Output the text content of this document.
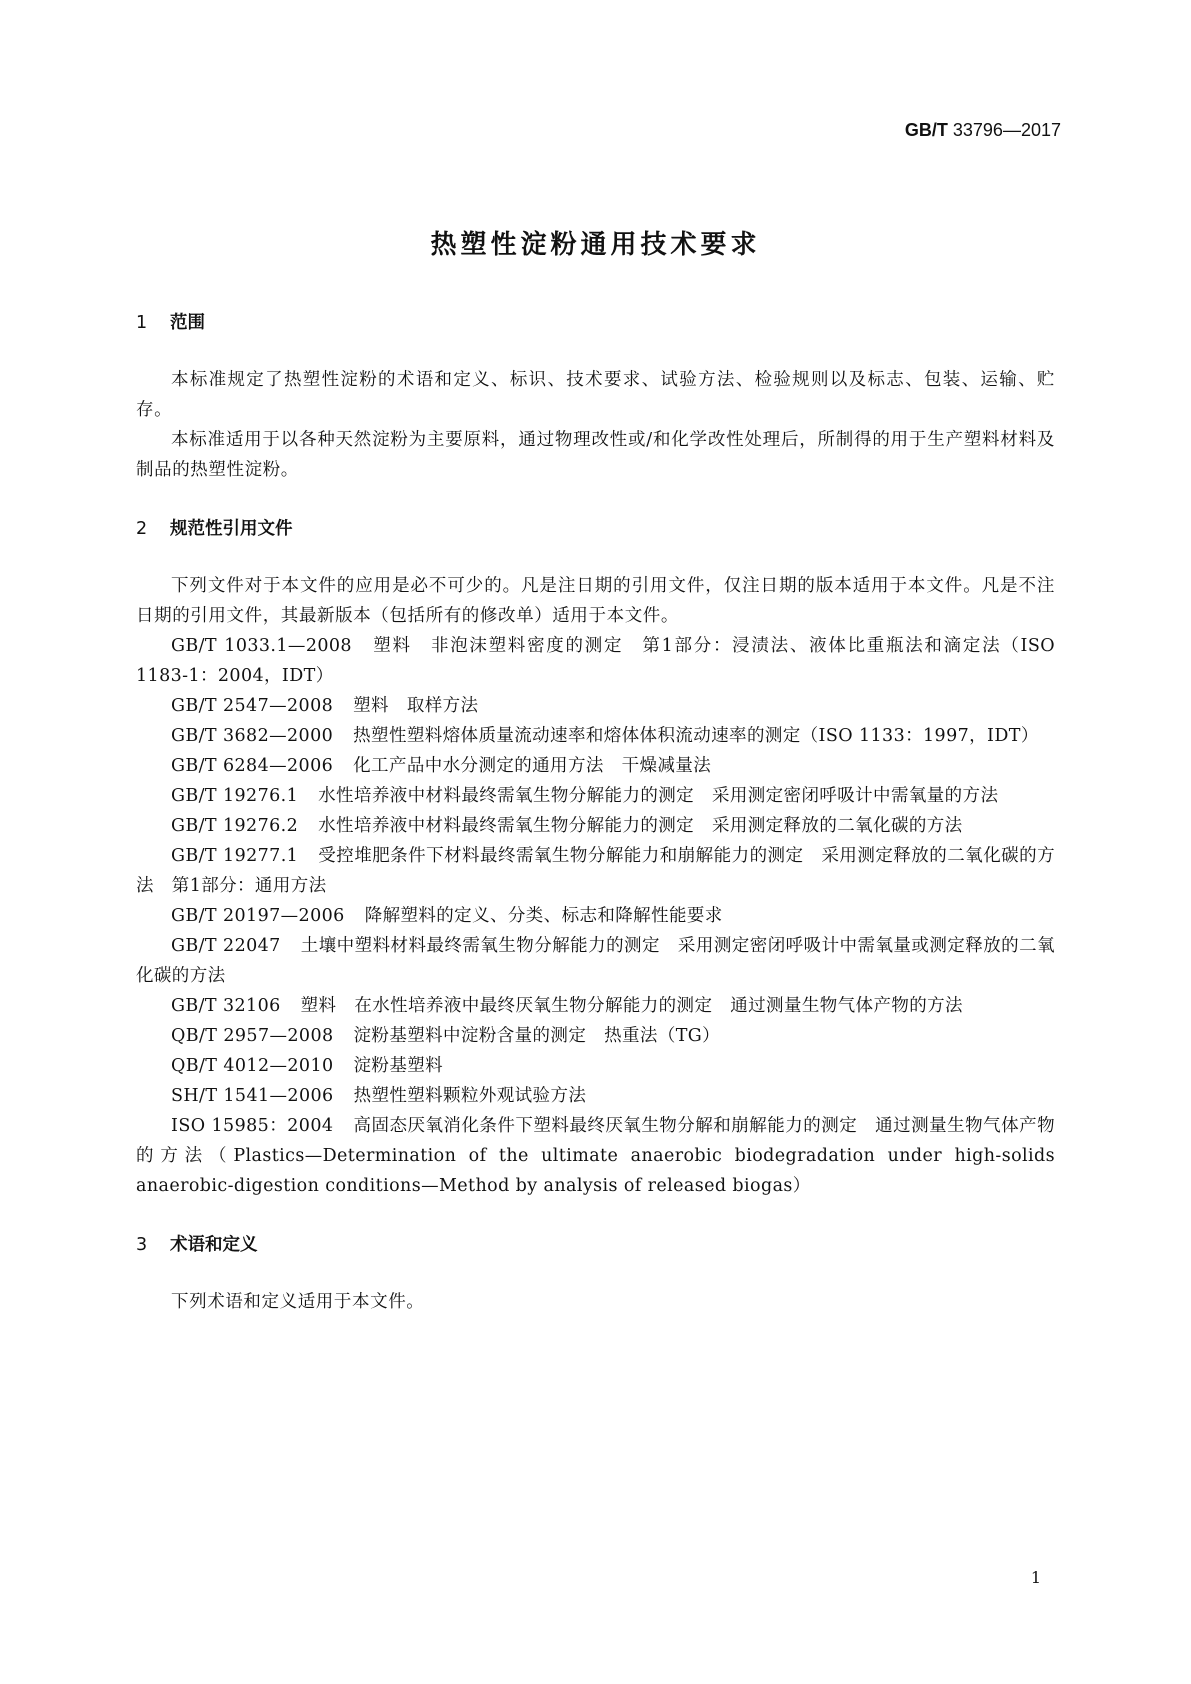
GB/T 33796—2017
热塑性淀粉通用技术要求
1 范围

本标准规定了热塑性淀粉的术语和定义、标识、技术要求、试验方法、检验规则以及标志、包装、运输、贮存。

本标准适用于以各种天然淀粉为主要原料，通过物理改性或/和化学改性处理后，所制得的用于生产塑料材料及制品的热塑性淀粉。

2 规范性引用文件

下列文件对于本文件的应用是必不可少的。凡是注日期的引用文件，仅注日期的版本适用于本文件。凡是不注日期的引用文件，其最新版本（包括所有的修改单）适用于本文件。

GB/T 1033.1—2008 塑料　非泡沫塑料密度的测定　第1部分：浸渍法、液体比重瓶法和滴定法（ISO 1183-1：2004，IDT）
GB/T 2547—2008 塑料　取样方法
GB/T 3682—2000 热塑性塑料熔体质量流动速率和熔体体积流动速率的测定（ISO 1133：1997，IDT）
GB/T 6284—2006 化工产品中水分测定的通用方法　干燥减量法
GB/T 19276.1 水性培养液中材料最终需氧生物分解能力的测定　采用测定密闭呼吸计中需氧量的方法
GB/T 19276.2 水性培养液中材料最终需氧生物分解能力的测定　采用测定释放的二氧化碳的方法
GB/T 19277.1 受控堆肥条件下材料最终需氧生物分解能力和崩解能力的测定　采用测定释放的二氧化碳的方法　第1部分：通用方法
GB/T 20197—2006 降解塑料的定义、分类、标志和降解性能要求
GB/T 22047 土壤中塑料材料最终需氧生物分解能力的测定　采用测定密闭呼吸计中需氧量或测定释放的二氧化碳的方法
GB/T 32106 塑料　在水性培养液中最终厌氧生物分解能力的测定　通过测量生物气体产物的方法
QB/T 2957—2008 淀粉基塑料中淀粉含量的测定　热重法（TG）
QB/T 4012—2010 淀粉基塑料
SH/T 1541—2006 热塑性塑料颗粒外观试验方法
ISO 15985：2004 高固态厌氧消化条件下塑料最终厌氧生物分解和崩解能力的测定　通过测量生物气体产物的方法（Plastics—Determination of the ultimate anaerobic biodegradation under high-solids anaerobic-digestion conditions—Method by analysis of released biogas）
3 术语和定义

下列术语和定义适用于本文件。

1
